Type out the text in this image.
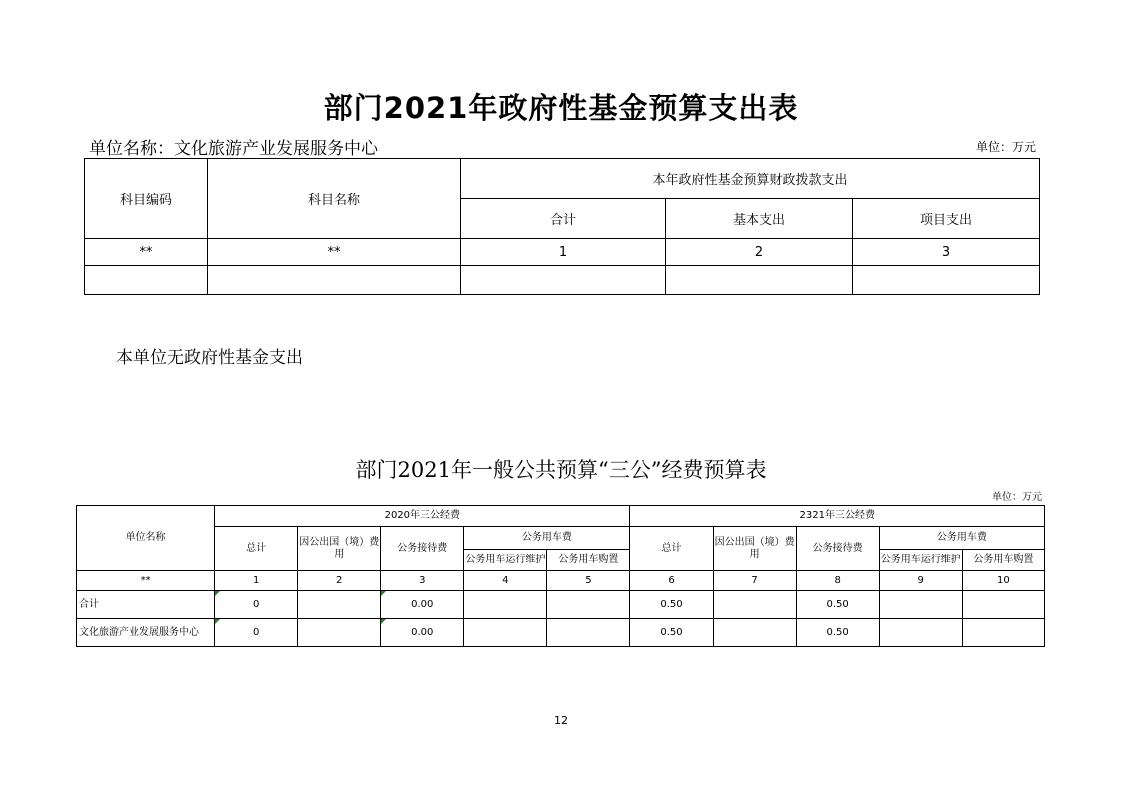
部门2021年政府性基金预算支出表
单位名称：文化旅游产业发展服务中心	单位：万元
科目编码	科目名称	本年政府性基金预算财政拨款支出		
		合计	基本支出	项目支出
**	**	1	2	3

本单位无政府性基金支出
部门2021年一般公共预算“三公”经费预算表
单位：万元
单位名称	2020年三公经费					2321年三公经费				
	总计	因公出国（境）费用	公务接待费	公务用车费		总计	因公出国（境）费用	公务接待费	公务用车费	

				公务用车运行维护	公务用车购置				公务用车运行维护	公务用车购置
**	1	2	3	4	5	6	7	8	9	10
合计	0		0.00			0.50		0.50		
文化旅游产业发展服务中心	0		0.00			0.50		0.50		
12
